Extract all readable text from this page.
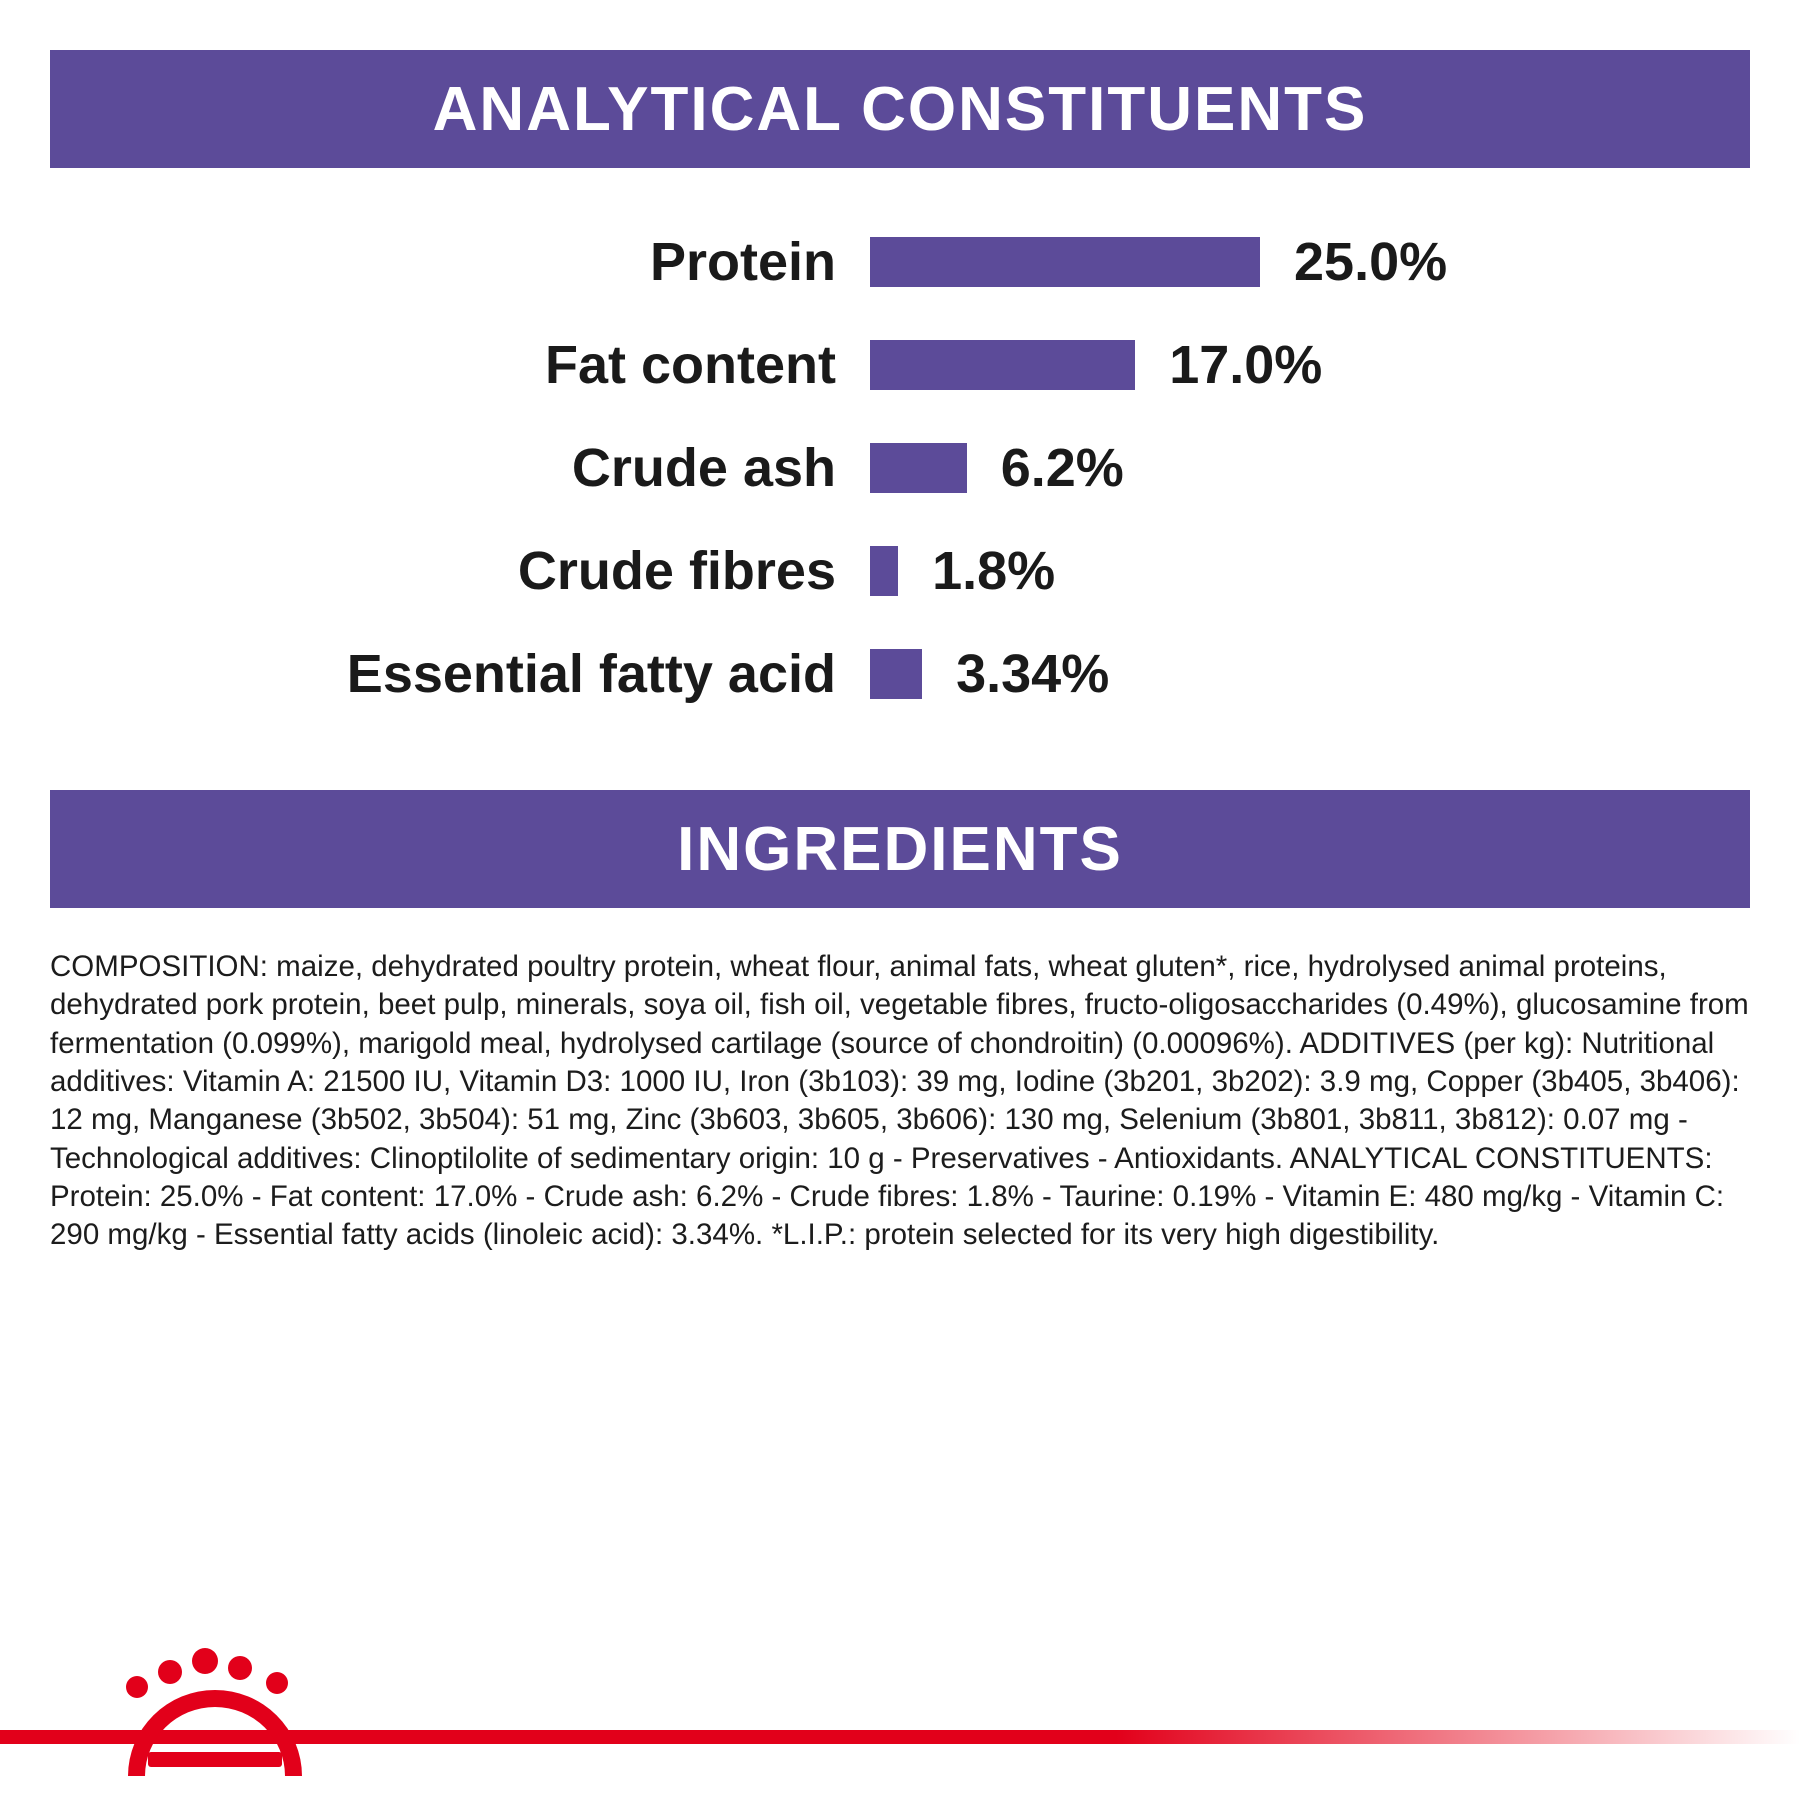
ANALYTICAL CONSTITUENTS
Protein	25.0%
Fat content	17.0%
Crude ash	6.2%
Crude fibres	1.8%
Essential fatty acid	3.34%
INGREDIENTS
COMPOSITION: maize, dehydrated poultry protein, wheat flour, animal fats, wheat gluten*, rice, hydrolysed animal proteins, dehydrated pork protein, beet pulp, minerals, soya oil, fish oil, vegetable fibres, fructo-oligosaccharides (0.49%), glucosamine from fermentation (0.099%), marigold meal, hydrolysed cartilage (source of chondroitin) (0.00096%). ADDITIVES (per kg): Nutritional additives: Vitamin A: 21500 IU, Vitamin D3: 1000 IU, Iron (3b103): 39 mg, Iodine (3b201, 3b202): 3.9 mg, Copper (3b405, 3b406): 12 mg, Manganese (3b502, 3b504): 51 mg, Zinc (3b603, 3b605, 3b606): 130 mg, Selenium (3b801, 3b811, 3b812): 0.07 mg - Technological additives: Clinoptilolite of sedimentary origin: 10 g - Preservatives - Antioxidants. ANALYTICAL CONSTITUENTS: Protein: 25.0% - Fat content: 17.0% - Crude ash: 6.2% - Crude fibres: 1.8% - Taurine: 0.19% - Vitamin E: 480 mg/kg - Vitamin C: 290 mg/kg - Essential fatty acids (linoleic acid): 3.34%. *L.I.P.: protein selected for its very high digestibility.
